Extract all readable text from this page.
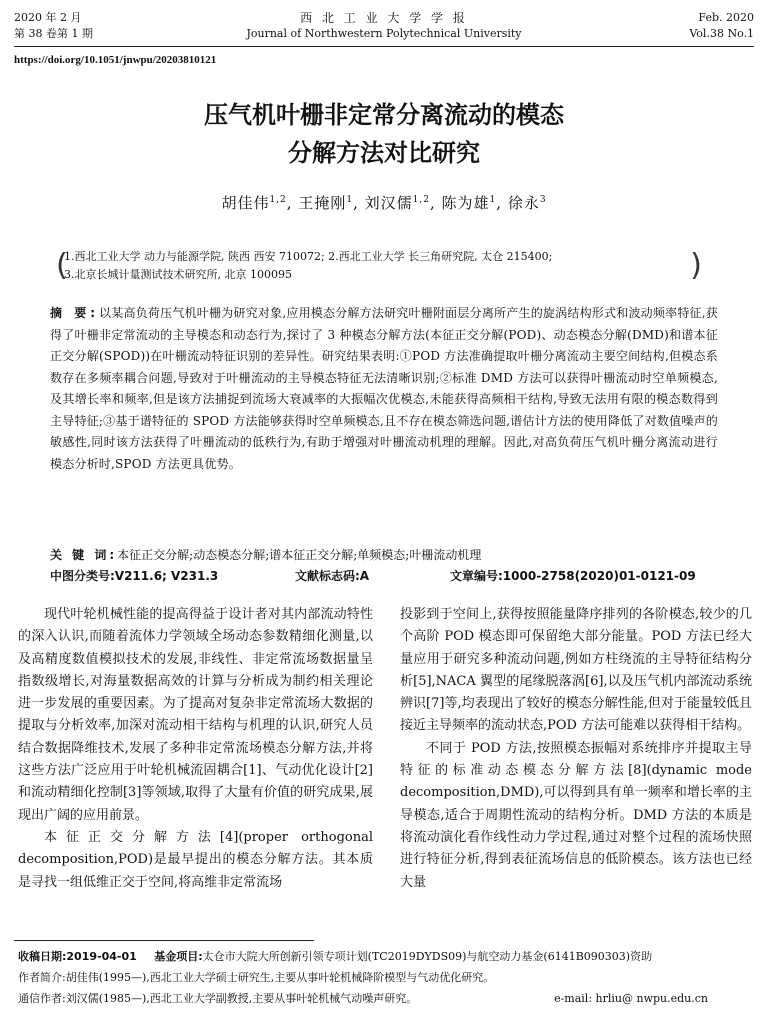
2020 年 2 月
第 38 卷第 1 期
西 北 工 业 大 学 学 报
Journal of Northwestern Polytechnical University
Feb. 2020
Vol.38 No.1
https://doi.org/10.1051/jnwpu/20203810121
压气机叶栅非定常分离流动的模态
分解方法对比研究
胡佳伟$^{1,2}$, 王掩刚$^1$, 刘汉儒$^{1,2}$, 陈为雄$^1$, 徐永$^3$
(
1.西北工业大学 动力与能源学院, 陕西 西安 710072; 2.西北工业大学 长三角研究院, 太仓 215400;
3.北京长城计量测试技术研究所, 北京 100095	)
摘 要:以某高负荷压气机叶栅为研究对象,应用模态分解方法研究叶栅附面层分离所产生的旋涡结构形式和波动频率特征,获得了叶栅非定常流动的主导模态和动态行为,探讨了 3 种模态分解方法(本征正交分解(POD)、动态模态分解(DMD)和谱本征正交分解(SPOD))在叶栅流动特征识别的差异性。研究结果表明:①POD 方法准确提取叶栅分离流动主要空间结构,但模态系数存在多频率耦合问题,导致对于叶栅流动的主导模态特征无法清晰识别;②标准 DMD 方法可以获得叶栅流动时空单频模态,及其增长率和频率,但是该方法捕捉到流场大衰减率的大振幅次优模态,未能获得高频相干结构,导致无法用有限的模态数得到主导特征;③基于谱特征的 SPOD 方法能够获得时空单频模态,且不存在模态筛选问题,谱估计方法的使用降低了对数值噪声的敏感性,同时该方法获得了叶栅流动的低秩行为,有助于增强对叶栅流动机理的理解。因此,对高负荷压气机叶栅分离流动进行模态分析时,SPOD 方法更具优势。
关 键 词:本征正交分解;动态模态分解;谱本征正交分解;单频模态;叶栅流动机理
中图分类号:V211.6; V231.3	文献标志码:A	文章编号:1000-2758(2020)01-0121-09

现代叶轮机械性能的提高得益于设计者对其内部流动特性的深入认识,而随着流体力学领域全场动态参数精细化测量,以及高精度数值模拟技术的发展,非线性、非定常流场数据量呈指数级增长,对海量数据高效的计算与分析成为制约相关理论进一步发展的重要因素。为了提高对复杂非定常流场大数据的提取与分析效率,加深对流动相干结构与机理的认识,研究人员结合数据降维技术,发展了多种非定常流场模态分解方法,并将这些方法广泛应用于叶轮机械流固耦合[1]、气动优化设计[2]和流动精细化控制[3]等领域,取得了大量有价值的研究成果,展现出广阔的应用前景。

本征正交分解方法[4](proper orthogonal decomposition,POD)是最早提出的模态分解方法。其本质是寻找一组低维正交于空间,将高维非定常流场

投影到于空间上,获得按照能量降序排列的各阶模态,较少的几个高阶 POD 模态即可保留绝大部分能量。POD 方法已经大量应用于研究多种流动问题,例如方柱绕流的主导特征结构分析[5],NACA 翼型的尾缘脱落涡[6],以及压气机内部流动系统辨识[7]等,均表现出了较好的模态分解性能,但对于能量较低且接近主导频率的流动状态,POD 方法可能难以获得相干结构。

不同于 POD 方法,按照模态振幅对系统排序并提取主导特征的标准动态模态分解方法[8](dynamic mode decomposition,DMD),可以得到具有单一频率和增长率的主导模态,适合于周期性流动的结构分析。DMD 方法的本质是将流动演化看作线性动力学过程,通过对整个过程的流场快照进行特征分析,得到表征流场信息的低阶模态。该方法也已经大量

收稿日期:2019-04-01 基金项目:太仓市大院大所创新引领专项计划(TC2019DYDS09)与航空动力基金(6141B090303)资助
作者简介:胡佳伟(1995—),西北工业大学硕士研究生,主要从事叶轮机械降阶模型与气动优化研究。
通信作者:刘汉儒(1985—),西北工业大学副教授,主要从事叶轮机械气动噪声研究。	e-mail: hrliu@ nwpu.edu.cn
